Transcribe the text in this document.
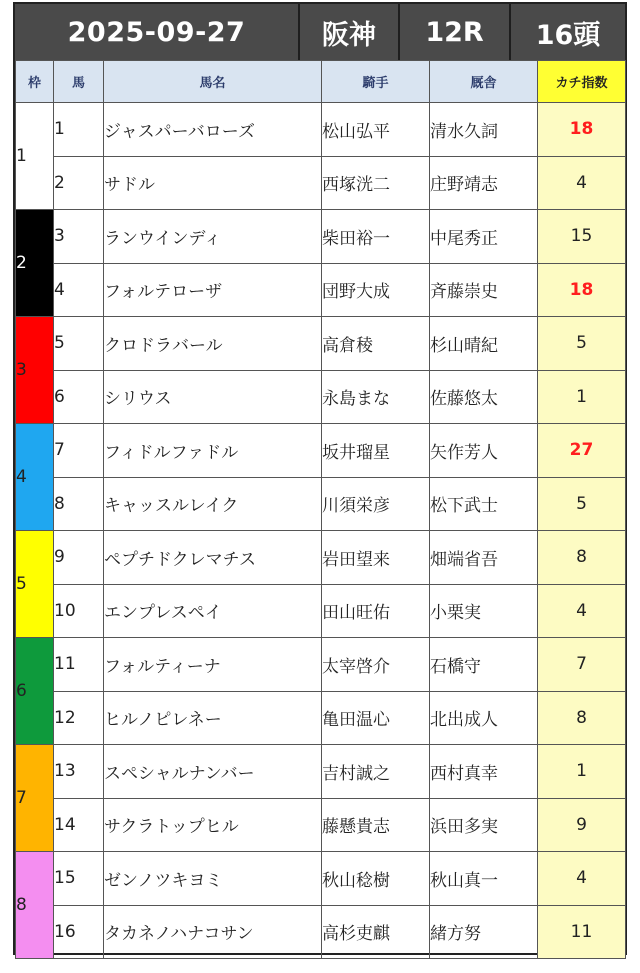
2025-09-27	阪神	12R	16頭
枠	馬	馬名	騎手	厩舎	カチ指数
1	1	ジャスパーバローズ	松山弘平	清水久詞	18
	2	サドル	西塚洸二	庄野靖志	4
2	3	ランウインディ	柴田裕一	中尾秀正	15
	4	フォルテローザ	団野大成	斉藤崇史	18
3	5	クロドラバール	高倉稜	杉山晴紀	5
	6	シリウス	永島まな	佐藤悠太	1
4	7	フィドルファドル	坂井瑠星	矢作芳人	27
	8	キャッスルレイク	川須栄彦	松下武士	5
5	9	ペプチドクレマチス	岩田望来	畑端省吾	8
	10	エンプレスペイ	田山旺佑	小栗実	4
6	11	フォルティーナ	太宰啓介	石橋守	7
	12	ヒルノピレネー	亀田温心	北出成人	8
7	13	スペシャルナンバー	吉村誠之	西村真幸	1
	14	サクラトップヒル	藤懸貴志	浜田多実	9
8	15	ゼンノツキヨミ	秋山稔樹	秋山真一	4
	16	タカネノハナコサン	高杉吏麒	緒方努	11
